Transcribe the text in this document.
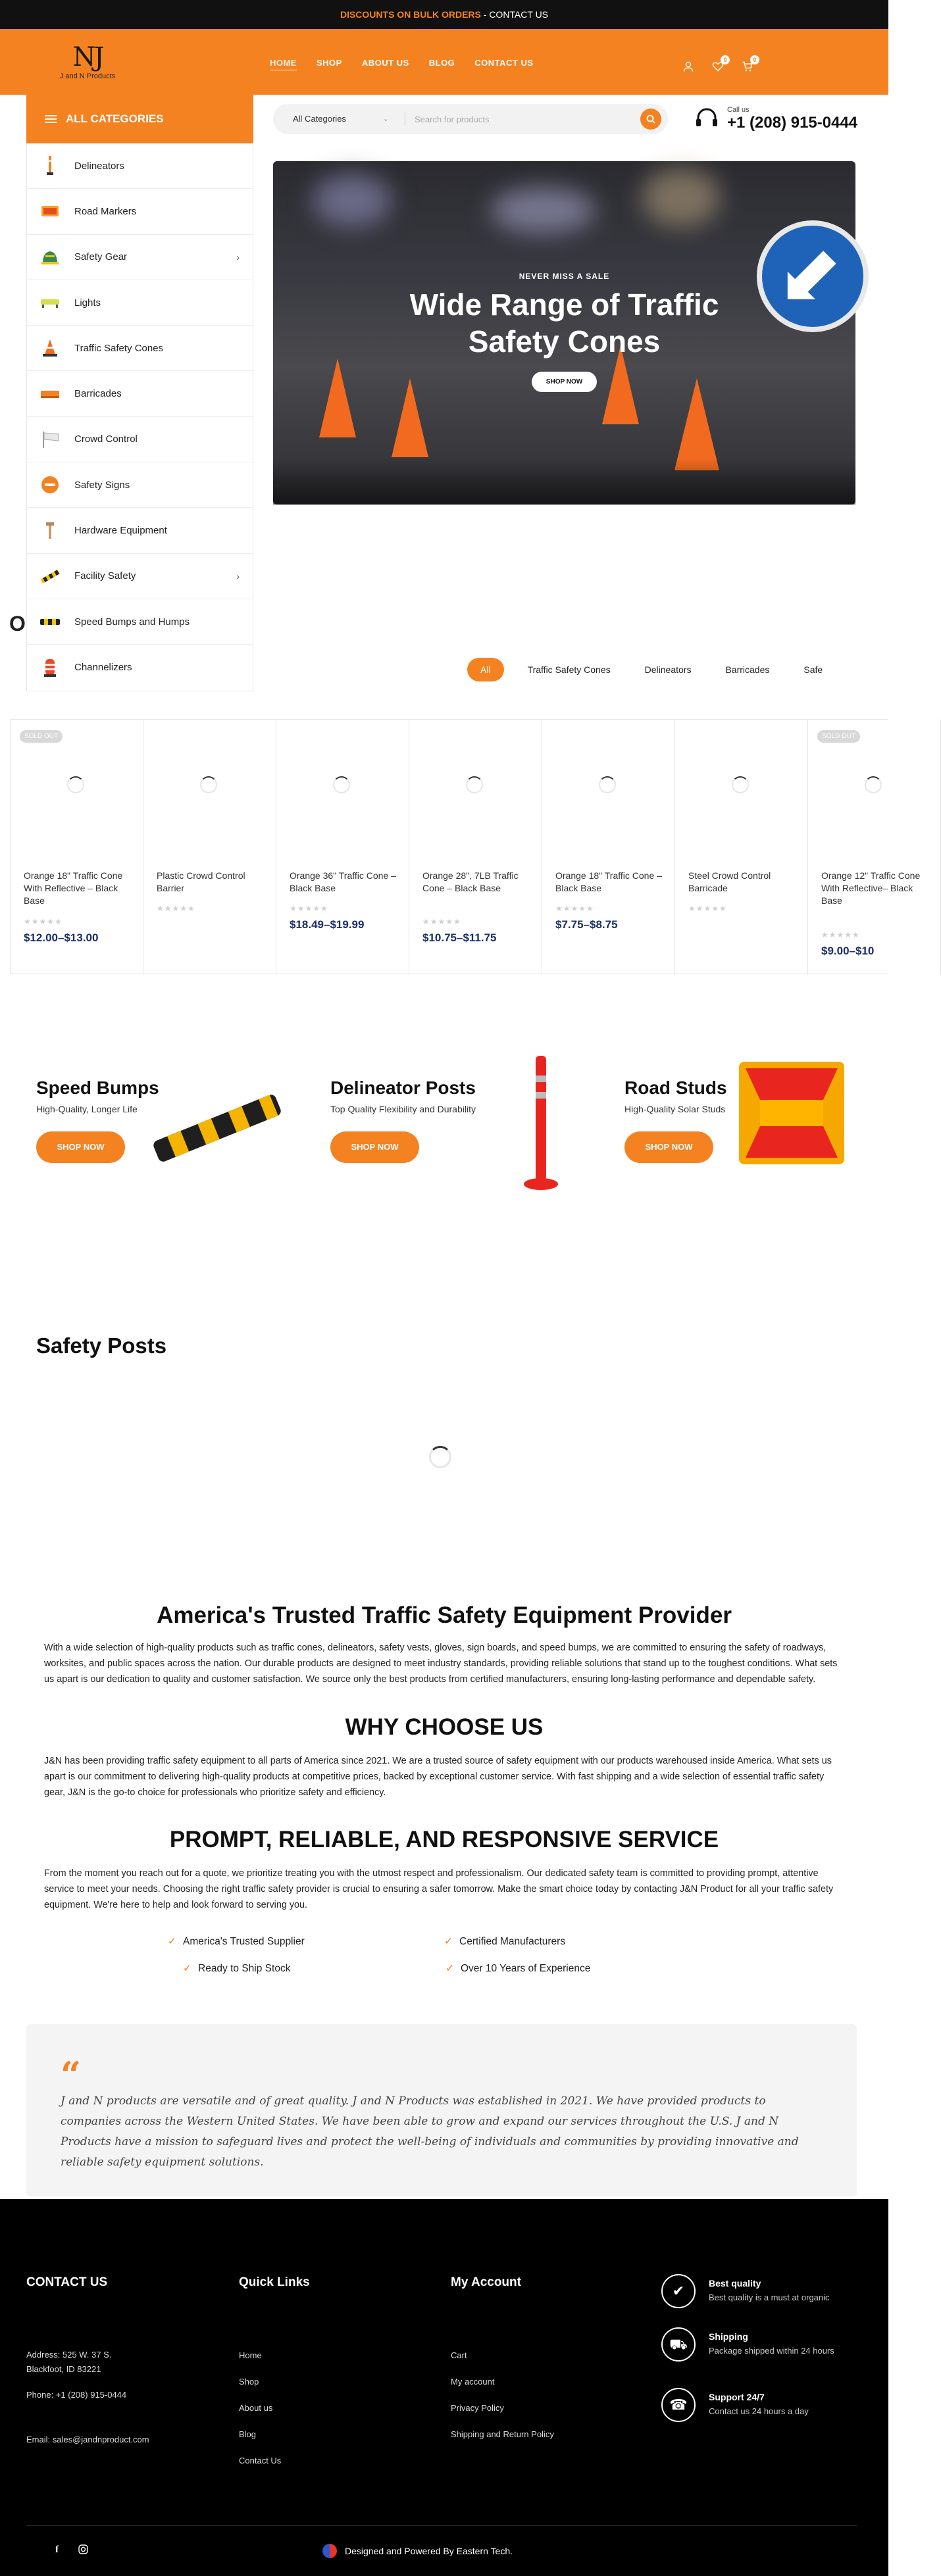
DISCOUNTS ON BULK ORDERS - CONTACT US
NJ
J and N Products
HOME SHOP ABOUT US BLOG CONTACT US	0	0
ALL CATEGORIES
Delineators
Road Markers
Safety Gear	›
Lights
Traffic Safety Cones
Barricades
Crowd Control
Safety Signs
Hardware Equipment
Facility Safety	›
Speed Bumps and Humps
Channelizers
All Categories	⌄
Search for products
Call us
+1 (208) 915-0444
⬋
NEVER MISS A SALE
Wide Range of Traffic
Safety Cones
SHOP NOW
O
All	Traffic Safety Cones	Delineators	Barricades	Safe
SOLD OUT
Orange 18" Traffic Cone With Reflective – Black Base
★★★★★
$12.00–$13.00
Plastic Crowd Control Barrier
★★★★★
Orange 36" Traffic Cone – Black Base
★★★★★
$18.49–$19.99
Orange 28", 7LB Traffic Cone – Black Base
★★★★★
$10.75–$11.75
Orange 18" Traffic Cone – Black Base
★★★★★
$7.75–$8.75
Steel Crowd Control Barricade
★★★★★
SOLD OUT
Orange 12" Traffic Cone With Reflective– Black Base
★★★★★
$9.00–$10
Speed Bumps
High-Quality, Longer Life
SHOP NOW
Delineator Posts
Top Quality Flexibility and Durability
SHOP NOW
Road Studs
High-Quality Solar Studs
SHOP NOW
Safety Posts
America's Trusted Traffic Safety Equipment Provider
With a wide selection of high-quality products such as traffic cones, delineators, safety vests, gloves, sign boards, and speed bumps, we are committed to ensuring the safety of roadways, worksites, and public spaces across the nation. Our durable products are designed to meet industry standards, providing reliable solutions that stand up to the toughest conditions. What sets us apart is our dedication to quality and customer satisfaction. We source only the best products from certified manufacturers, ensuring long-lasting performance and dependable safety.
WHY CHOOSE US
J&N has been providing traffic safety equipment to all parts of America since 2021. We are a trusted source of safety equipment with our products warehoused inside America. What sets us apart is our commitment to delivering high-quality products at competitive prices, backed by exceptional customer service. With fast shipping and a wide selection of essential traffic safety gear, J&N is the go-to choice for professionals who prioritize safety and efficiency.
PROMPT, RELIABLE, AND RESPONSIVE SERVICE
From the moment you reach out for a quote, we prioritize treating you with the utmost respect and professionalism. Our dedicated safety team is committed to providing prompt, attentive service to meet your needs. Choosing the right traffic safety provider is crucial to ensuring a safer tomorrow. Make the smart choice today by contacting J&N Product for all your traffic safety equipment. We're here to help and look forward to serving you.
✓ America's Trusted Supplier	✓ Certified Manufacturers
✓ Ready to Ship Stock	✓ Over 10 Years of Experience
“
J and N products are versatile and of great quality. J and N Products was established in 2021. We have provided products to companies across the Western United States. We have been able to grow and expand our services throughout the U.S. J and N Products have a mission to safeguard lives and protect the well-being of individuals and communities by providing innovative and reliable safety equipment solutions.
CONTACT US
Address: 525 W. 37 S.
Blackfoot, ID 83221
Phone: +1 (208) 915-0444
Email: sales@jandnproduct.com
Quick Links
Home
Shop
About us
Blog
Contact Us
My Account
Cart
My account
Privacy Policy
Shipping and Return Policy
✔	Best quality
Best quality is a must at organic
⛟	Shipping
Package shipped within 24 hours
☎	Support 24/7
Contact us 24 hours a day
f	Designed and Powered By Eastern Tech.
